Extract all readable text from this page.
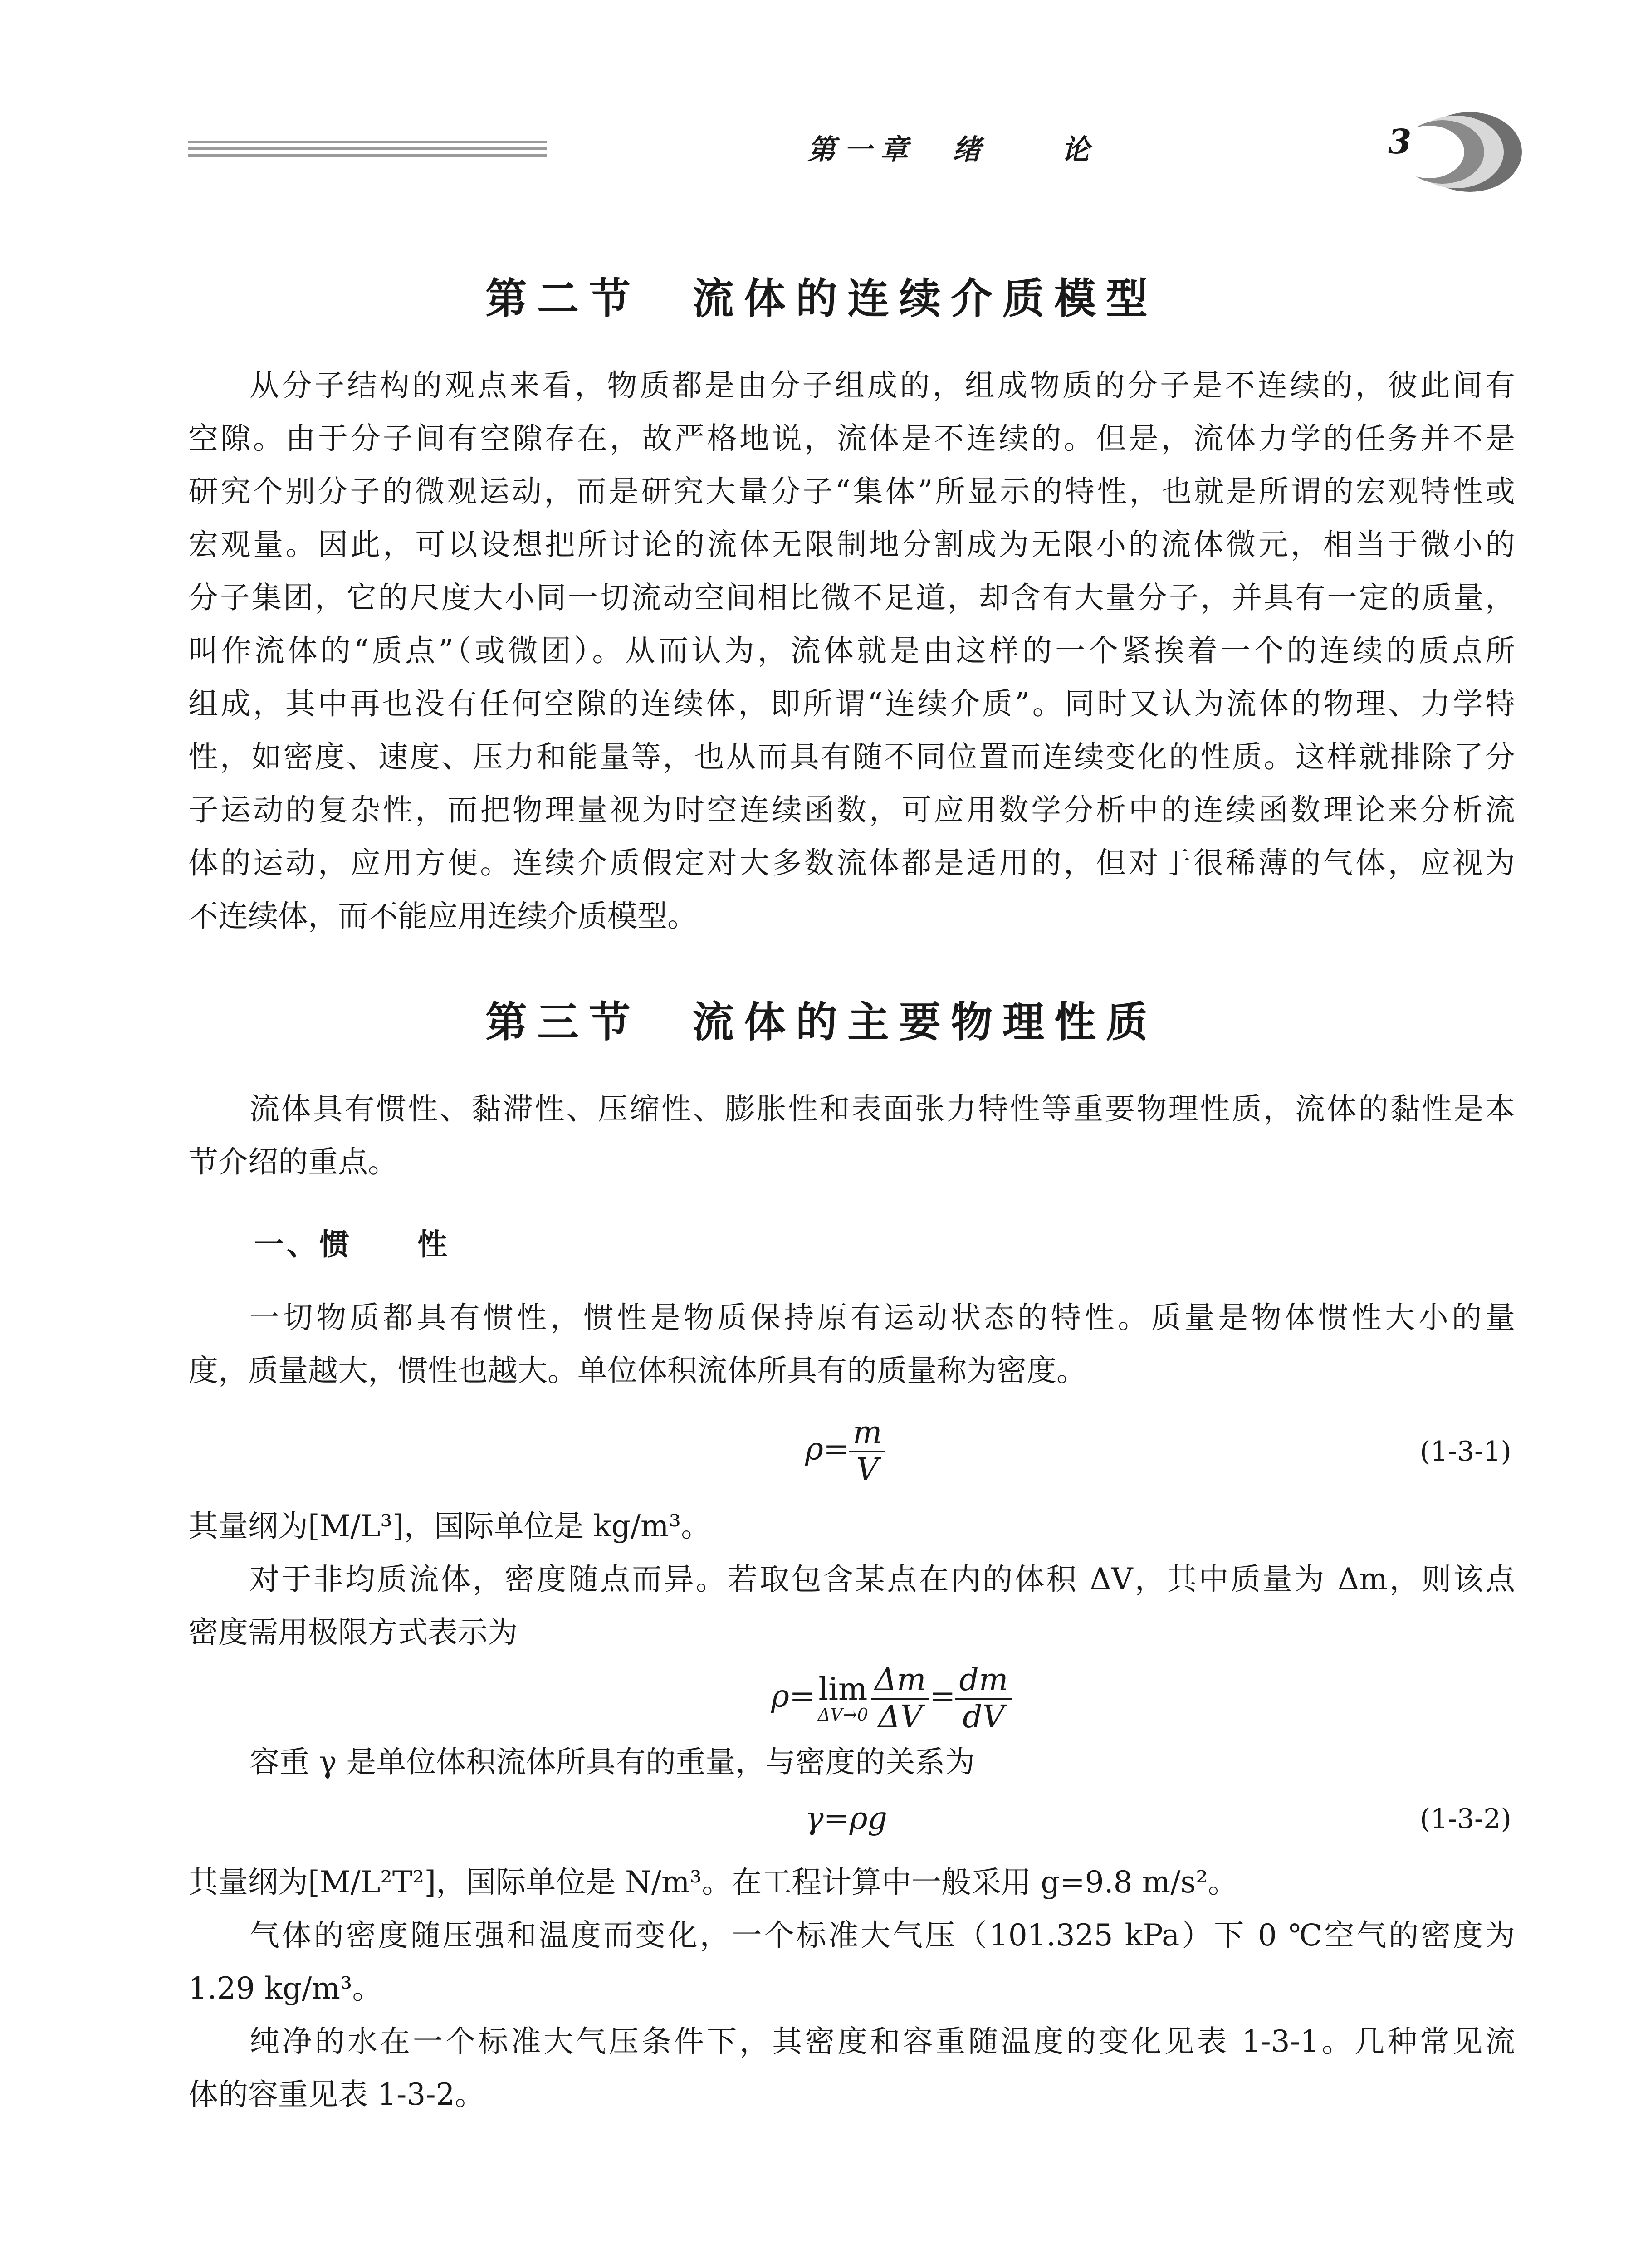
第一章　绪　　论	3
第二节　流体的连续介质模型
从分子结构的观点来看，物质都是由分子组成的，组成物质的分子是不连续的，彼此间有
空隙。由于分子间有空隙存在，故严格地说，流体是不连续的。但是，流体力学的任务并不是
研究个别分子的微观运动，而是研究大量分子“集体”所显示的特性，也就是所谓的宏观特性或
宏观量。因此，可以设想把所讨论的流体无限制地分割成为无限小的流体微元，相当于微小的
分子集团，它的尺度大小同一切流动空间相比微不足道，却含有大量分子，并具有一定的质量，
叫作流体的“质点”（或微团）。从而认为，流体就是由这样的一个紧挨着一个的连续的质点所
组成，其中再也没有任何空隙的连续体，即所谓“连续介质”。同时又认为流体的物理、力学特
性，如密度、速度、压力和能量等，也从而具有随不同位置而连续变化的性质。这样就排除了分
子运动的复杂性，而把物理量视为时空连续函数，可应用数学分析中的连续函数理论来分析流
体的运动，应用方便。连续介质假定对大多数流体都是适用的，但对于很稀薄的气体，应视为
不连续体，而不能应用连续介质模型。
第三节　流体的主要物理性质
流体具有惯性、黏滞性、压缩性、膨胀性和表面张力特性等重要物理性质，流体的黏性是本
节介绍的重点。
一、惯　　性
一切物质都具有惯性，惯性是物质保持原有运动状态的特性。质量是物体惯性大小的量
度，质量越大，惯性也越大。单位体积流体所具有的质量称为密度。
$\rho= \frac{m}{V}$	(1-3-1)
其量纲为[M/L³]，国际单位是 kg/m³。
对于非均质流体，密度随点而异。若取包含某点在内的体积 ΔV，其中质量为 Δm，则该点
密度需用极限方式表示为
ρ= lim
$\Delta V\to 0 \frac{\Delta m}{\Delta V} = \frac{dm}{dV}$
容重 γ 是单位体积流体所具有的重量，与密度的关系为
γ=ρg	(1-3-2)
其量纲为[M/L²T²]，国际单位是 N/m³。在工程计算中一般采用 g=9.8 m/s²。
气体的密度随压强和温度而变化，一个标准大气压（101.325 kPa）下 0 ℃空气的密度为
1.29 kg/m³。
纯净的水在一个标准大气压条件下，其密度和容重随温度的变化见表 1-3-1。几种常见流
体的容重见表 1-3-2。
